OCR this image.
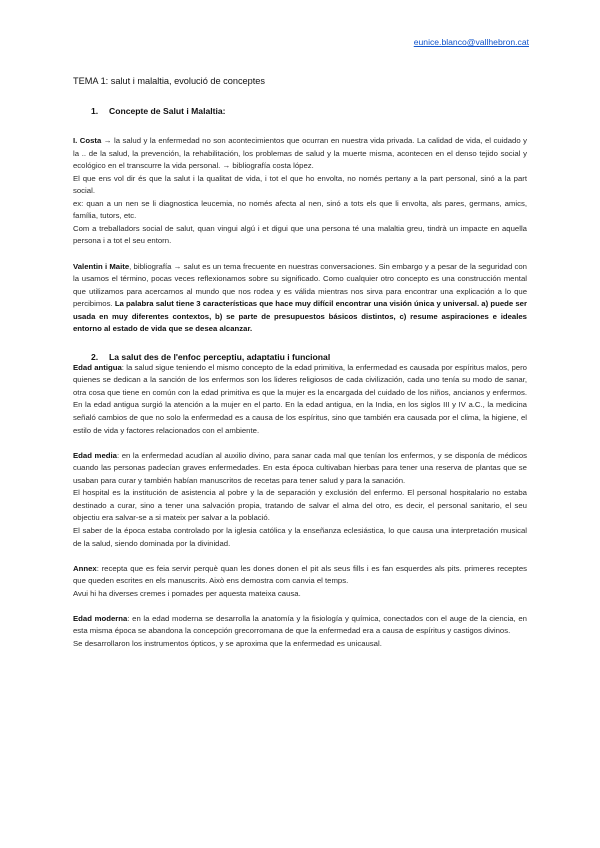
eunice.blanco@vallhebron.cat
TEMA 1: salut i malaltia, evolució de conceptes
1. Concepte de Salut i Malaltia:

I. Costa → la salud y la enfermedad no son acontecimientos que ocurran en nuestra vida privada. La calidad de vida, el cuidado y la .. de la salud, la prevención, la rehabilitación, los problemas de salud y la muerte misma, acontecen en el denso tejido social y ecológico en el transcurre la vida personal. → bibliografía costa lópez.

El que ens vol dir és que la salut i la qualitat de vida, i tot el que ho envolta, no només pertany a la part personal, sinó a la part social.

ex: quan a un nen se li diagnostica leucemia, no només afecta al nen, sinó a tots els que li envolta, als pares, germans, amics, família, tutors, etc.

Com a treballadors social de salut, quan vingui algú i et digui que una persona té una malaltia greu, tindrà un impacte en aquella persona i a tot el seu entorn.

Valentin i Maite, bibliografía → salut es un tema frecuente en nuestras conversaciones. Sin embargo y a pesar de la seguridad con la usamos el término, pocas veces reflexionamos sobre su significado. Como cualquier otro concepto es una construcción mental que utilizamos para acercarnos al mundo que nos rodea y es válida mientras nos sirva para encontrar una explicación a lo que percibimos. La palabra salut tiene 3 características que hace muy difícil encontrar una visión única y universal. a) puede ser usada en muy diferentes contextos, b) se parte de presupuestos básicos distintos, c) resume aspiraciones e ideales entorno al estado de vida que se desea alcanzar.

2. La salut des de l'enfoc perceptiu, adaptatiu i funcional

Edad antigua: la salud sigue teniendo el mismo concepto de la edad primitiva, la enfermedad es causada por espíritus malos, pero quienes se dedican a la sanción de los enfermos son los lideres religiosos de cada civilización, cada uno tenía su modo de sanar, otra cosa que tiene en común con la edad primitiva es que la mujer es la encargada del cuidado de los niños, ancianos y enfermos. En la edad antigua surgió la atención a la mujer en el parto. En la edad antigua, en la India, en los siglos III y IV a.C., la medicina señaló cambios de que no solo la enfermedad es a causa de los espíritus, sino que también era causada por el clima, la higiene, el estilo de vida y factores relacionados con el ambiente.

Edad media: en la enfermedad acudían al auxilio divino, para sanar cada mal que tenían los enfermos, y se disponía de médicos cuando las personas padecían graves enfermedades. En esta época cultivaban hierbas para tener una reserva de plantas que se usaban para curar y también habían manuscritos de recetas para tener salud y para la sanación.

El hospital es la institución de asistencia al pobre y la de separación y exclusión del enfermo. El personal hospitalario no estaba destinado a curar, sino a tener una salvación propia, tratando de salvar el alma del otro, es decir, el personal sanitario, el seu objectiu era salvar-se a si mateix per salvar a la població.

El saber de la época estaba controlado por la iglesia católica y la enseñanza eclesiástica, lo que causa una interpretación musical de la salud, siendo dominada por la divinidad.

Annex: recepta que es feia servir perquè quan les dones donen el pit als seus fills i es fan esquerdes als pits. primeres receptes que queden escrites en els manuscrits. Això ens demostra com canvia el temps.

Avui hi ha diverses cremes i pomades per aquesta mateixa causa.

Edad moderna: en la edad moderna se desarrolla la anatomía y la fisiología y química, conectados con el auge de la ciencia, en esta misma época se abandona la concepción grecorromana de que la enfermedad era a causa de espíritus y castigos divinos.

Se desarrollaron los instrumentos ópticos, y se aproxima que la enfermedad es unicausal.
